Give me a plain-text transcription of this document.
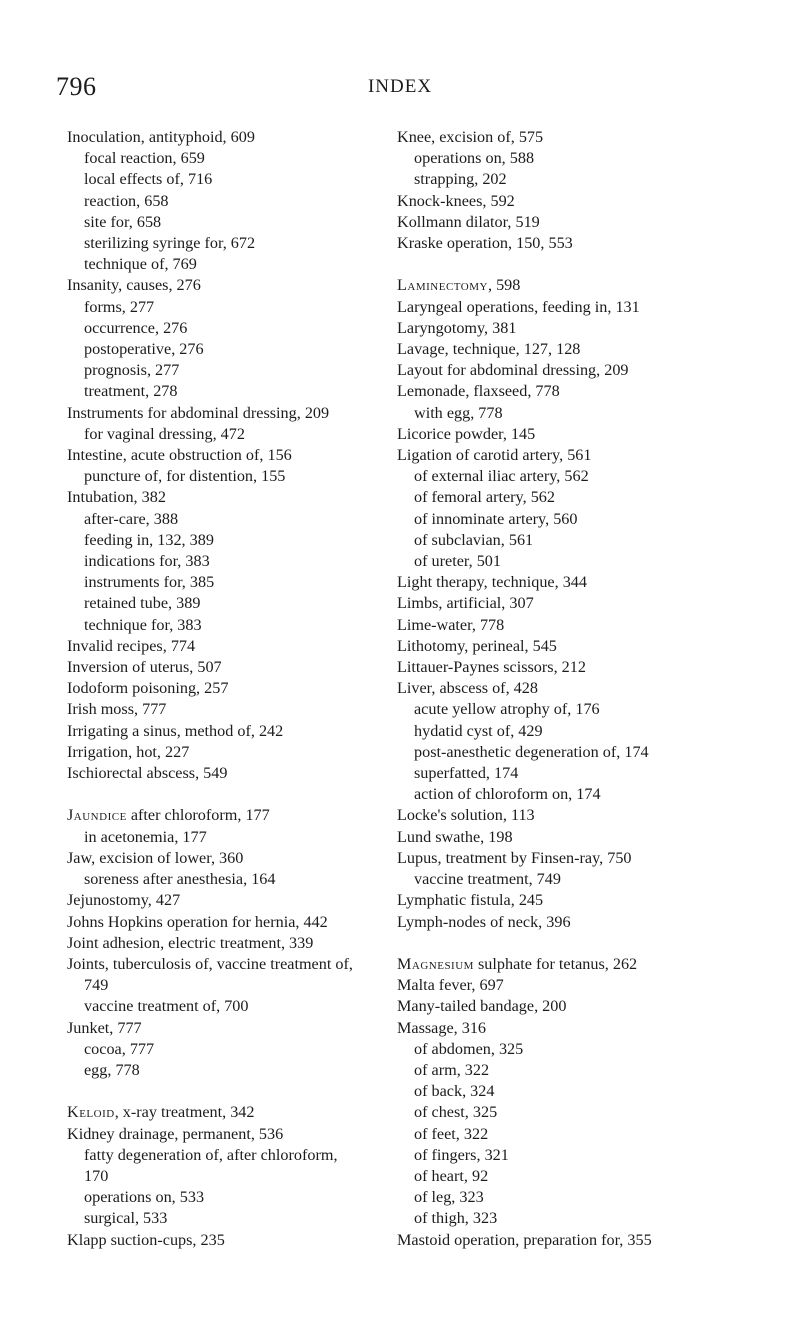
796	INDEX
Inoculation, antityphoid, 609
focal reaction, 659
local effects of, 716
reaction, 658
site for, 658
sterilizing syringe for, 672
technique of, 769
Insanity, causes, 276
forms, 277
occurrence, 276
postoperative, 276
prognosis, 277
treatment, 278
Instruments for abdominal dressing, 209
for vaginal dressing, 472
Intestine, acute obstruction of, 156
puncture of, for distention, 155
Intubation, 382
after-care, 388
feeding in, 132, 389
indications for, 383
instruments for, 385
retained tube, 389
technique for, 383
Invalid recipes, 774
Inversion of uterus, 507
Iodoform poisoning, 257
Irish moss, 777
Irrigating a sinus, method of, 242
Irrigation, hot, 227
Ischiorectal abscess, 549
Jaundice after chloroform, 177
in acetonemia, 177
Jaw, excision of lower, 360
soreness after anesthesia, 164
Jejunostomy, 427
Johns Hopkins operation for hernia, 442
Joint adhesion, electric treatment, 339
Joints, tuberculosis of, vaccine treatment of,
749
vaccine treatment of, 700
Junket, 777
cocoa, 777
egg, 778
Keloid, x-ray treatment, 342
Kidney drainage, permanent, 536
fatty degeneration of, after chloroform,
170
operations on, 533
surgical, 533
Klapp suction-cups, 235
Knee, excision of, 575
operations on, 588
strapping, 202
Knock-knees, 592
Kollmann dilator, 519
Kraske operation, 150, 553
Laminectomy, 598
Laryngeal operations, feeding in, 131
Laryngotomy, 381
Lavage, technique, 127, 128
Layout for abdominal dressing, 209
Lemonade, flaxseed, 778
with egg, 778
Licorice powder, 145
Ligation of carotid artery, 561
of external iliac artery, 562
of femoral artery, 562
of innominate artery, 560
of subclavian, 561
of ureter, 501
Light therapy, technique, 344
Limbs, artificial, 307
Lime-water, 778
Lithotomy, perineal, 545
Littauer-Paynes scissors, 212
Liver, abscess of, 428
acute yellow atrophy of, 176
hydatid cyst of, 429
post-anesthetic degeneration of, 174
superfatted, 174
action of chloroform on, 174
Locke's solution, 113
Lund swathe, 198
Lupus, treatment by Finsen-ray, 750
vaccine treatment, 749
Lymphatic fistula, 245
Lymph-nodes of neck, 396
Magnesium sulphate for tetanus, 262
Malta fever, 697
Many-tailed bandage, 200
Massage, 316
of abdomen, 325
of arm, 322
of back, 324
of chest, 325
of feet, 322
of fingers, 321
of heart, 92
of leg, 323
of thigh, 323
Mastoid operation, preparation for, 355
